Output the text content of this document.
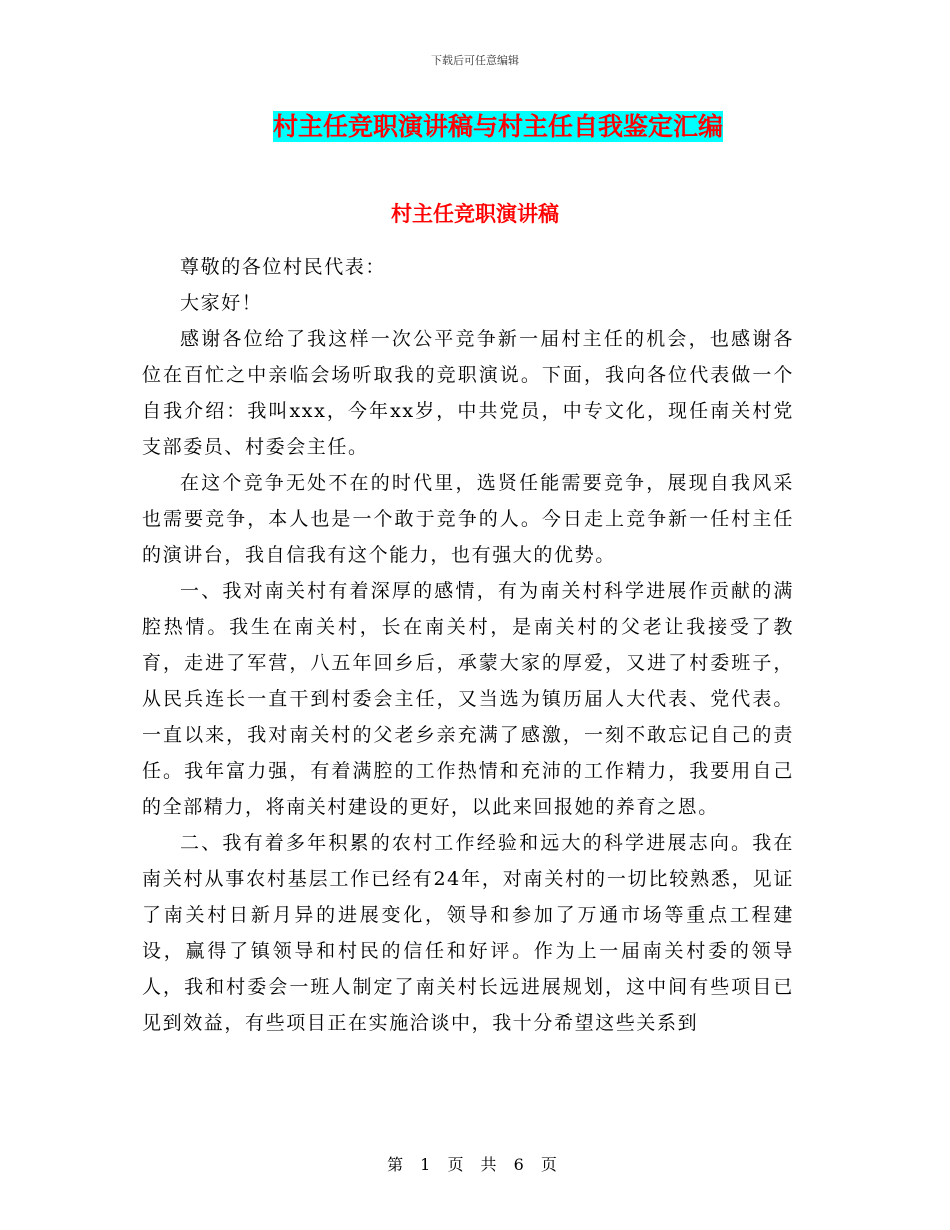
下载后可任意编辑
村主任竞职演讲稿与村主任自我鉴定汇编
村主任竞职演讲稿

尊敬的各位村民代表：

大家好！

感谢各位给了我这样一次公平竞争新一届村主任的机会，也感谢各位在百忙之中亲临会场听取我的竞职演说。下面，我向各位代表做一个自我介绍：我叫xxx，今年xx岁，中共党员，中专文化，现任南关村党支部委员、村委会主任。

在这个竞争无处不在的时代里，选贤任能需要竞争，展现自我风采也需要竞争，本人也是一个敢于竞争的人。今日走上竞争新一任村主任的演讲台，我自信我有这个能力，也有强大的优势。

一、我对南关村有着深厚的感情，有为南关村科学进展作贡献的满腔热情。我生在南关村，长在南关村，是南关村的父老让我接受了教育，走进了军营，八五年回乡后，承蒙大家的厚爱，又进了村委班子，从民兵连长一直干到村委会主任，又当选为镇历届人大代表、党代表。一直以来，我对南关村的父老乡亲充满了感激，一刻不敢忘记自己的责任。我年富力强，有着满腔的工作热情和充沛的工作精力，我要用自己的全部精力，将南关村建设的更好，以此来回报她的养育之恩。

二、我有着多年积累的农村工作经验和远大的科学进展志向。我在南关村从事农村基层工作已经有24年，对南关村的一切比较熟悉，见证了南关村日新月异的进展变化，领导和参加了万通市场等重点工程建设，赢得了镇领导和村民的信任和好评。作为上一届南关村委的领导人，我和村委会一班人制定了南关村长远进展规划，这中间有些项目已见到效益，有些项目正在实施洽谈中，我十分希望这些关系到

第 1 页 共 6 页
